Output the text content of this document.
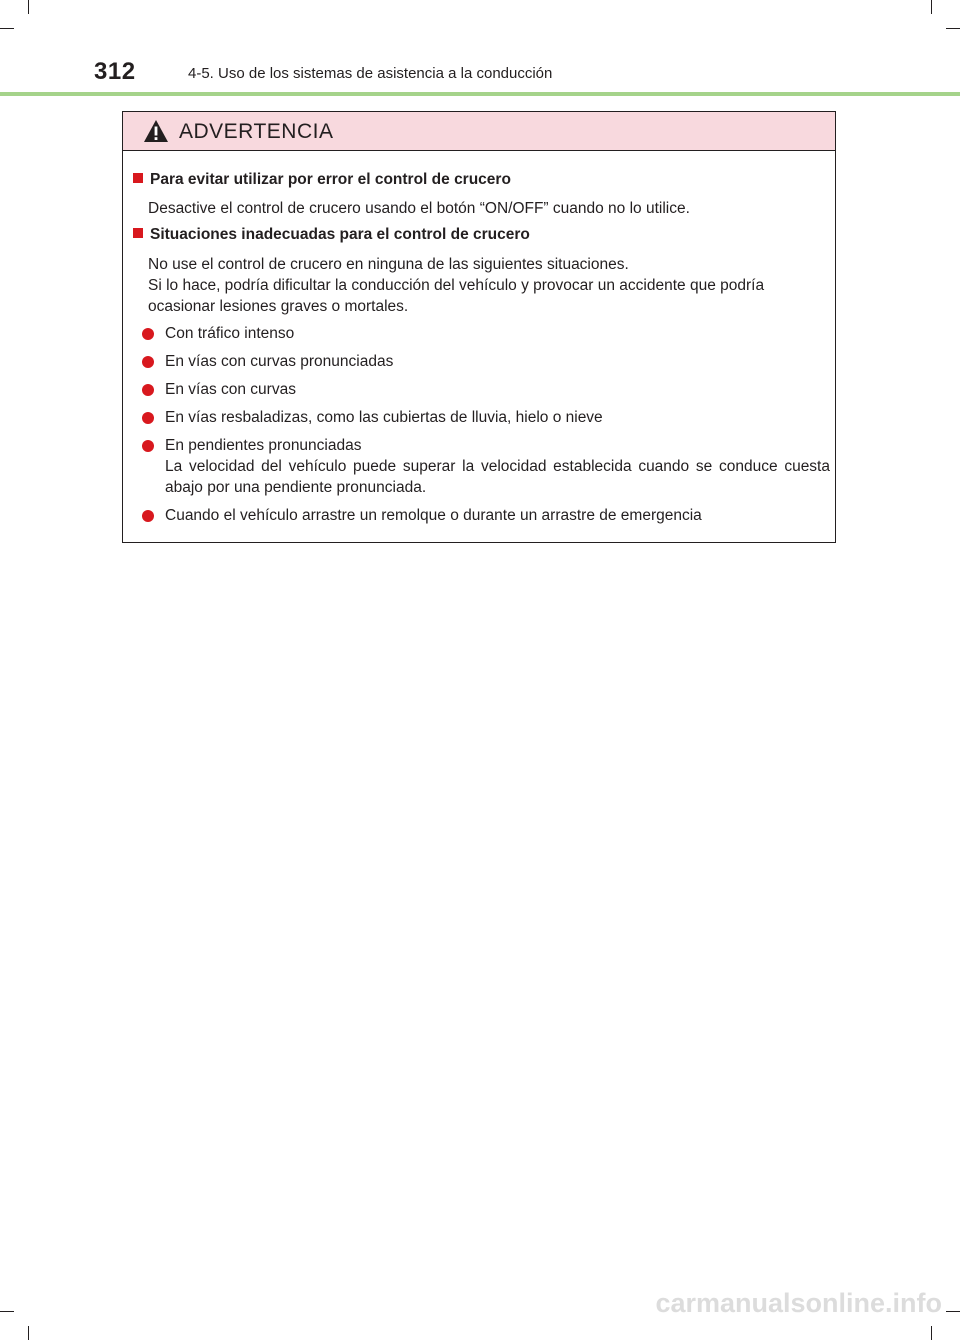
312	4-5. Uso de los sistemas de asistencia a la conducción
ADVERTENCIA
Para evitar utilizar por error el control de crucero
Desactive el control de crucero usando el botón “ON/OFF” cuando no lo utilice.
Situaciones inadecuadas para el control de crucero
No use el control de crucero en ninguna de las siguientes situaciones.
Si lo hace, podría dificultar la conducción del vehículo y provocar un accidente que podría ocasionar lesiones graves o mortales.
Con tráfico intenso
En vías con curvas pronunciadas
En vías con curvas
En vías resbaladizas, como las cubiertas de lluvia, hielo o nieve
En pendientes pronunciadas
La velocidad del vehículo puede superar la velocidad establecida cuando se conduce cuesta abajo por una pendiente pronunciada.
Cuando el vehículo arrastre un remolque o durante un arrastre de emergencia
carmanualsonline.info
